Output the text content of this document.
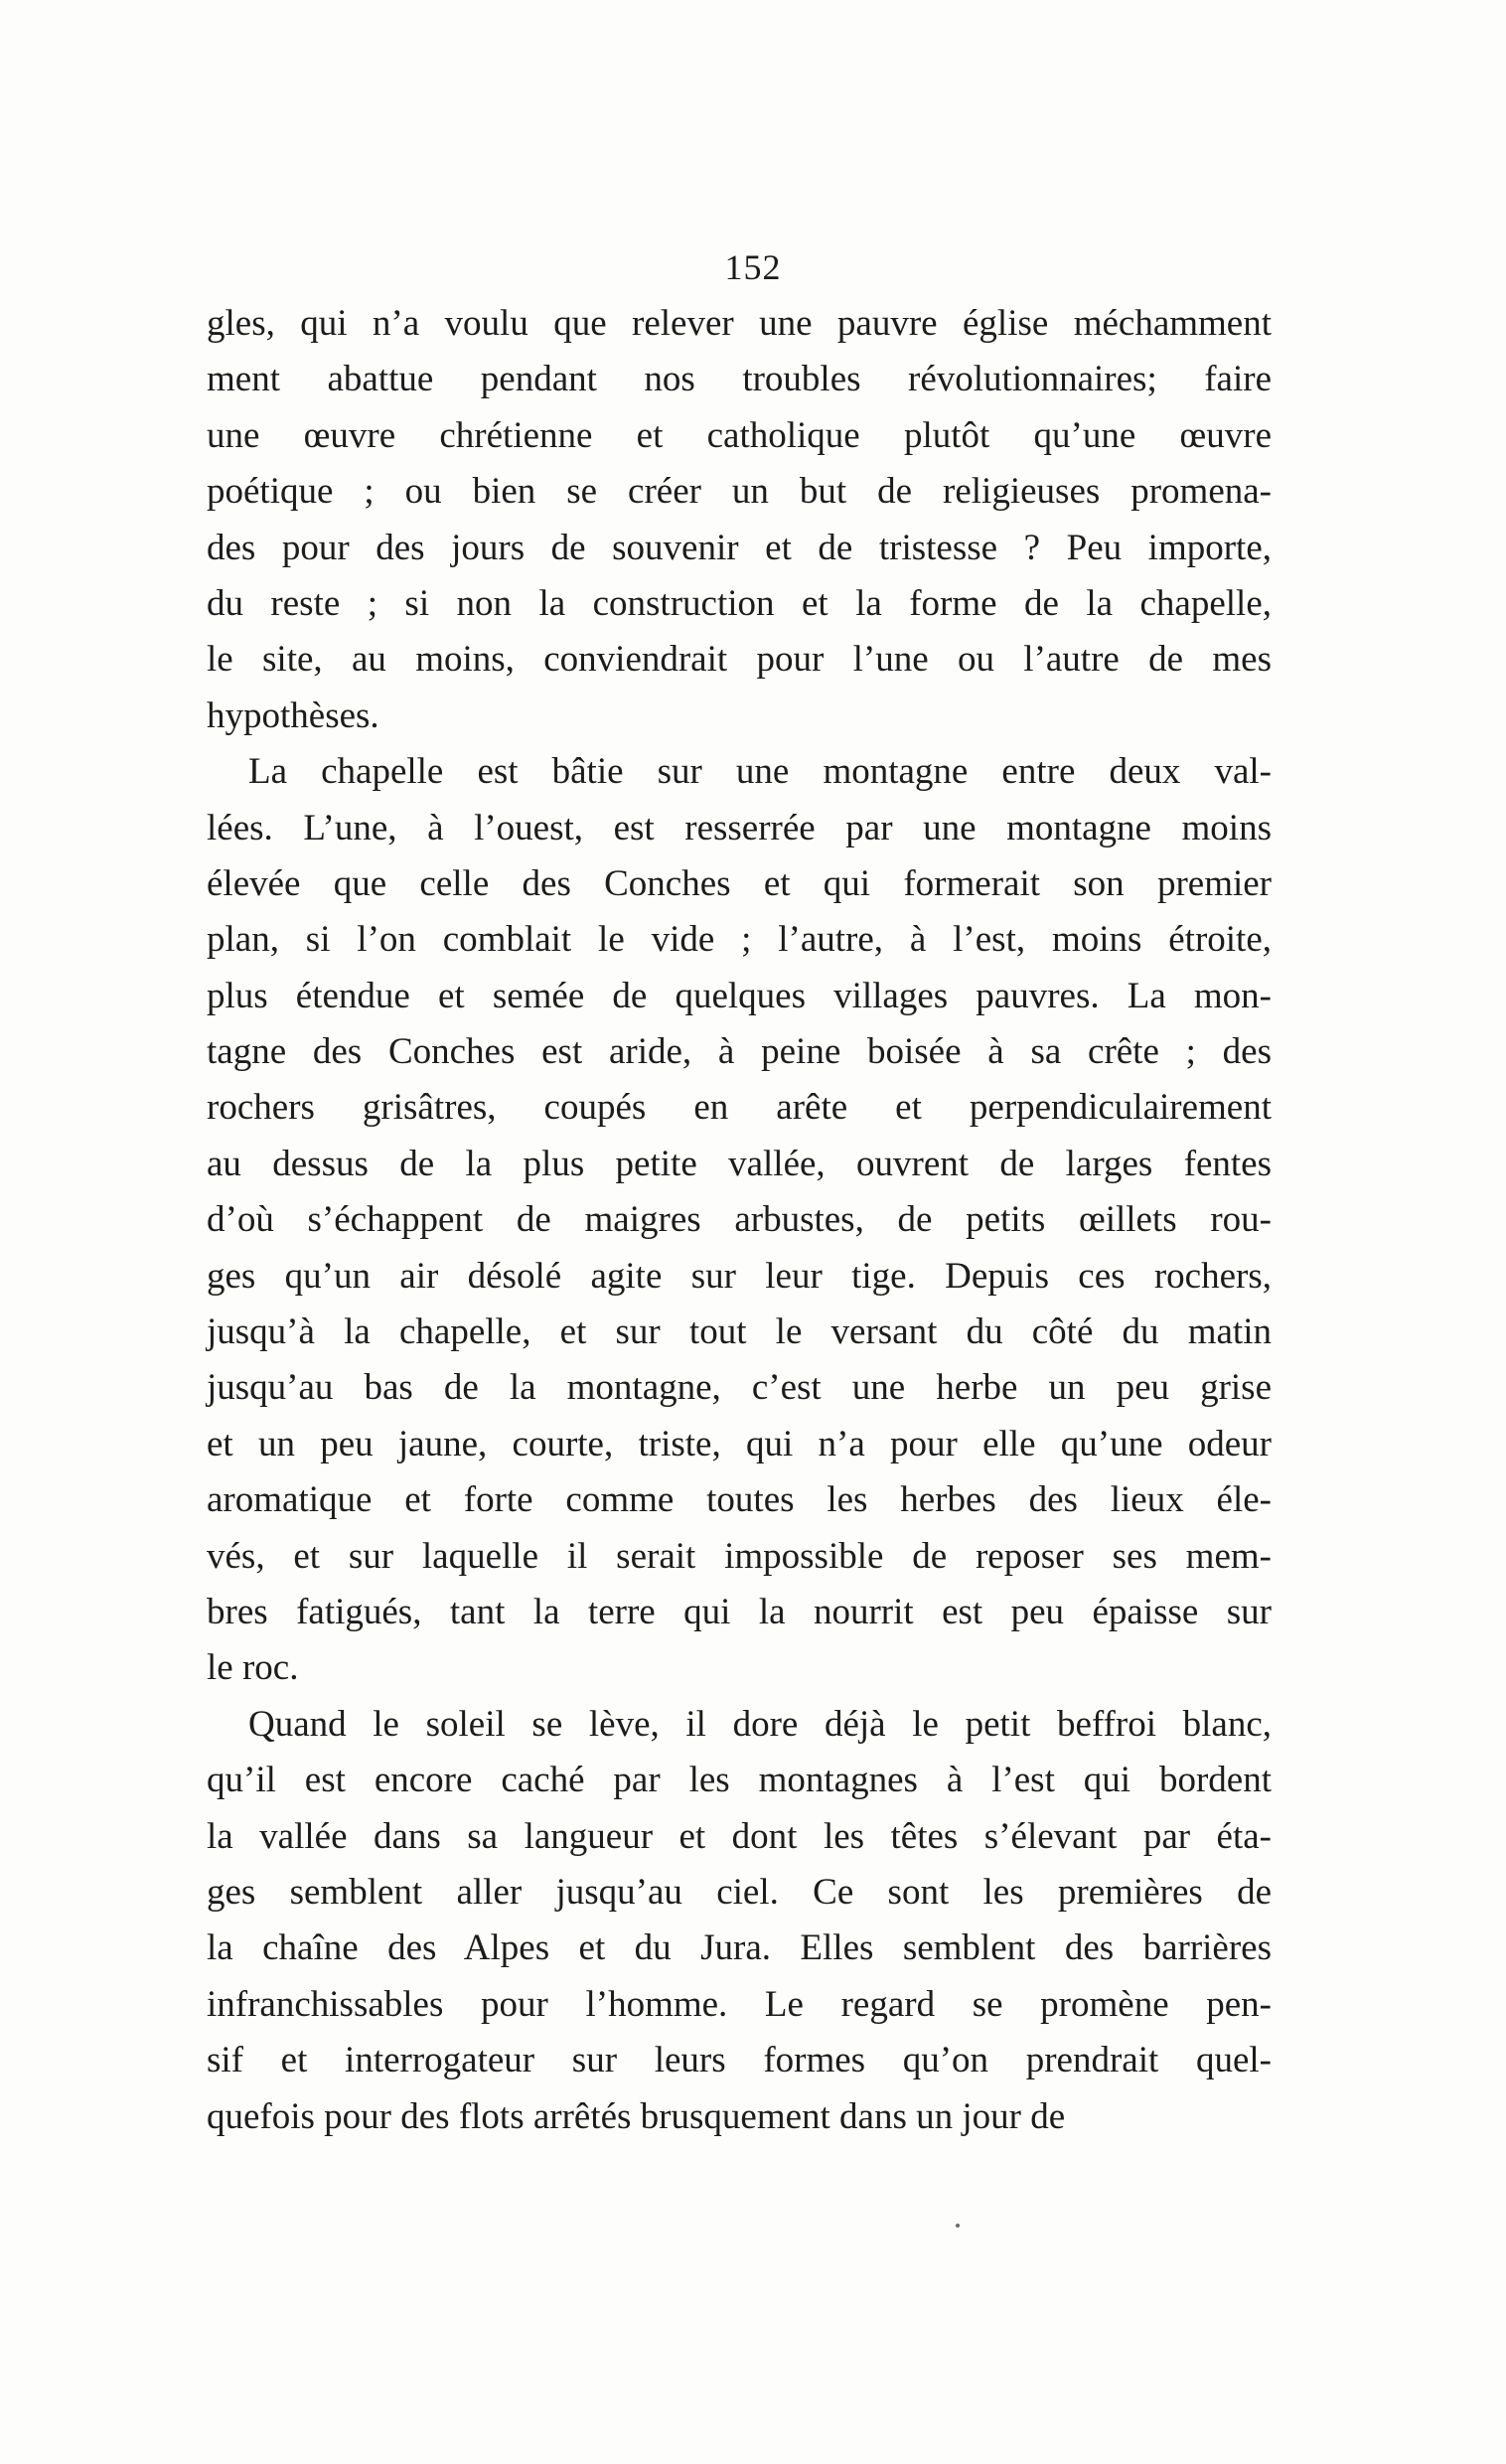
152
gles, qui n’a voulu que relever une pauvre église méchamment
ment abattue pendant nos troubles révolutionnaires; faire
une œuvre chrétienne et catholique plutôt qu’une œuvre
poétique ; ou bien se créer un but de religieuses promena-
des pour des jours de souvenir et de tristesse ? Peu importe,
du reste ; si non la construction et la forme de la chapelle,
le site, au moins, conviendrait pour l’une ou l’autre de mes
hypothèses.
La chapelle est bâtie sur une montagne entre deux val-
lées. L’une, à l’ouest, est resserrée par une montagne moins
élevée que celle des Conches et qui formerait son premier
plan, si l’on comblait le vide ; l’autre, à l’est, moins étroite,
plus étendue et semée de quelques villages pauvres. La mon-
tagne des Conches est aride, à peine boisée à sa crête ; des
rochers grisâtres, coupés en arête et perpendiculairement
au dessus de la plus petite vallée, ouvrent de larges fentes
d’où s’échappent de maigres arbustes, de petits œillets rou-
ges qu’un air désolé agite sur leur tige. Depuis ces rochers,
jusqu’à la chapelle, et sur tout le versant du côté du matin
jusqu’au bas de la montagne, c’est une herbe un peu grise
et un peu jaune, courte, triste, qui n’a pour elle qu’une odeur
aromatique et forte comme toutes les herbes des lieux éle-
vés, et sur laquelle il serait impossible de reposer ses mem-
bres fatigués, tant la terre qui la nourrit est peu épaisse sur
le roc.
Quand le soleil se lève, il dore déjà le petit beffroi blanc,
qu’il est encore caché par les montagnes à l’est qui bordent
la vallée dans sa langueur et dont les têtes s’élevant par éta-
ges semblent aller jusqu’au ciel. Ce sont les premières de
la chaîne des Alpes et du Jura. Elles semblent des barrières
infranchissables pour l’homme. Le regard se promène pen-
sif et interrogateur sur leurs formes qu’on prendrait quel-
quefois pour des flots arrêtés brusquement dans un jour de
